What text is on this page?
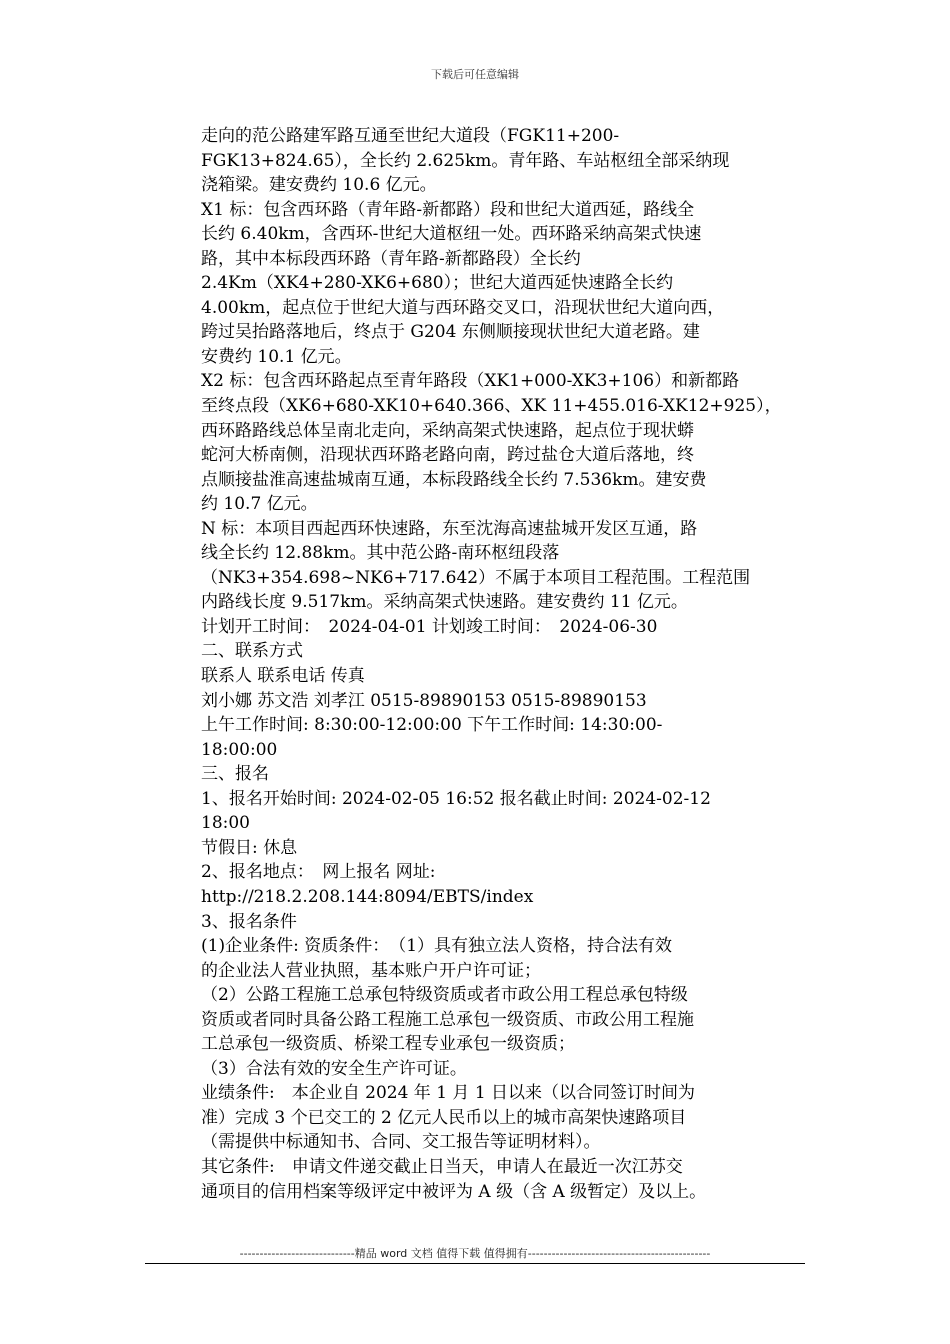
下载后可任意编辑
走向的范公路建军路互通至世纪大道段（FGK11+200-
FGK13+824.65），全长约 2.625km。青年路、车站枢纽全部采纳现
浇箱梁。建安费约 10.6 亿元。
X1 标：包含西环路（青年路-新都路）段和世纪大道西延，路线全
长约 6.40km，含西环-世纪大道枢纽一处。西环路采纳高架式快速
路，其中本标段西环路（青年路-新都路段）全长约
2.4Km（XK4+280-XK6+680）；世纪大道西延快速路全长约
4.00km，起点位于世纪大道与西环路交叉口，沿现状世纪大道向西，
跨过吴抬路落地后，终点于 G204 东侧顺接现状世纪大道老路。建
安费约 10.1 亿元。
X2 标：包含西环路起点至青年路段（XK1+000-XK3+106）和新都路
至终点段（XK6+680-XK10+640.366、XK 11+455.016-XK12+925），
西环路路线总体呈南北走向，采纳高架式快速路，起点位于现状蟒
蛇河大桥南侧，沿现状西环路老路向南，跨过盐仓大道后落地，终
点顺接盐淮高速盐城南互通，本标段路线全长约 7.536km。建安费
约 10.7 亿元。
N 标：本项目西起西环快速路，东至沈海高速盐城开发区互通，路
线全长约 12.88km。其中范公路-南环枢纽段落
（NK3+354.698~NK6+717.642）不属于本项目工程范围。工程范围
内路线长度 9.517km。采纳高架式快速路。建安费约 11 亿元。
计划开工时间：　2024-04-01 计划竣工时间：　2024-06-30
二、联系方式
联系人 联系电话 传真
刘小娜 苏文浩 刘孝江 0515-89890153 0515-89890153
上午工作时间: 8:30:00-12:00:00 下午工作时间: 14:30:00-
18:00:00
三、报名
1、报名开始时间: 2024-02-05 16:52 报名截止时间: 2024-02-12
18:00
节假日: 休息
2、报名地点：　网上报名 网址:
http://218.2.208.144:8094/EBTS/index
3、报名条件
(1)企业条件: 资质条件：　（1）具有独立法人资格，持合法有效
的企业法人营业执照，基本账户开户许可证；
（2）公路工程施工总承包特级资质或者市政公用工程总承包特级
资质或者同时具备公路工程施工总承包一级资质、市政公用工程施
工总承包一级资质、桥梁工程专业承包一级资质；
（3）合法有效的安全生产许可证。
业绩条件:　本企业自 2024 年 1 月 1 日以来（以合同签订时间为
准）完成 3 个已交工的 2 亿元人民币以上的城市高架快速路项目
（需提供中标通知书、合同、交工报告等证明材料）。
其它条件:　申请文件递交截止日当天，申请人在最近一次江苏交
通项目的信用档案等级评定中被评为 A 级（含 A 级暂定）及以上。
-----------------------------精品 word 文档 值得下载 值得拥有----------------------------------------------
